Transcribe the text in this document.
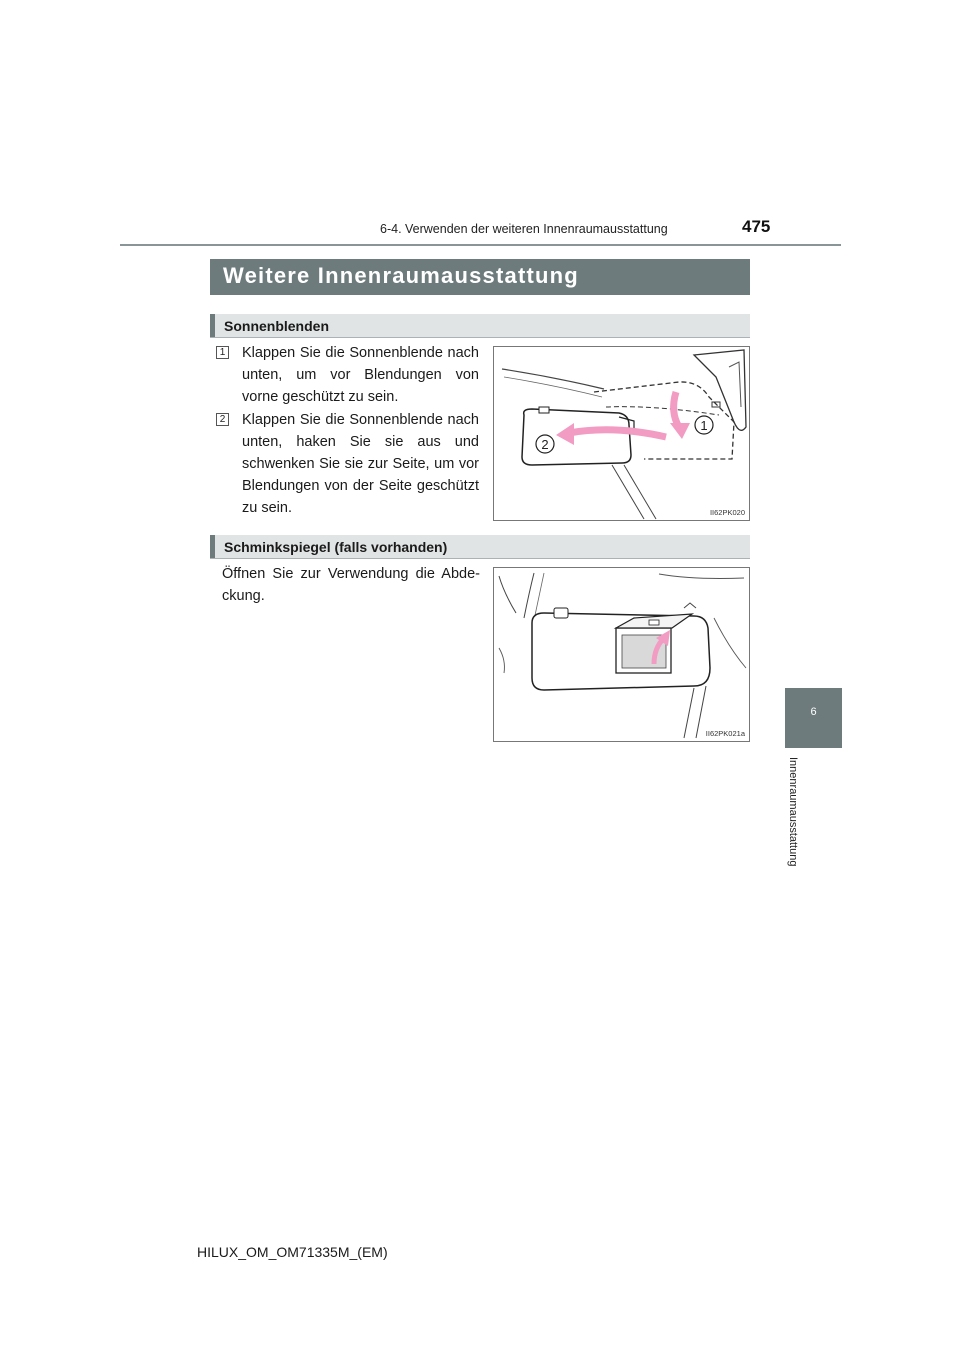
6-4. Verwenden der weiteren Innenraumausstattung	475
Weitere Innenraumausstattung
Sonnenblenden
1 Klappen Sie die Sonnenblende nach unten, um vor Blendungen von vorne geschützt zu sein.
2 Klappen Sie die Sonnenblende nach unten, haken Sie sie aus und schwenken Sie sie zur Seite, um vor Blendungen von der Seite geschützt zu sein.
1
2
II62PK020
Schminkspiegel (falls vorhanden)
Öffnen Sie zur Verwendung die Abde-ckung.
II62PK021a
6
Innenraumausstattung
HILUX_OM_OM71335M_(EM)
